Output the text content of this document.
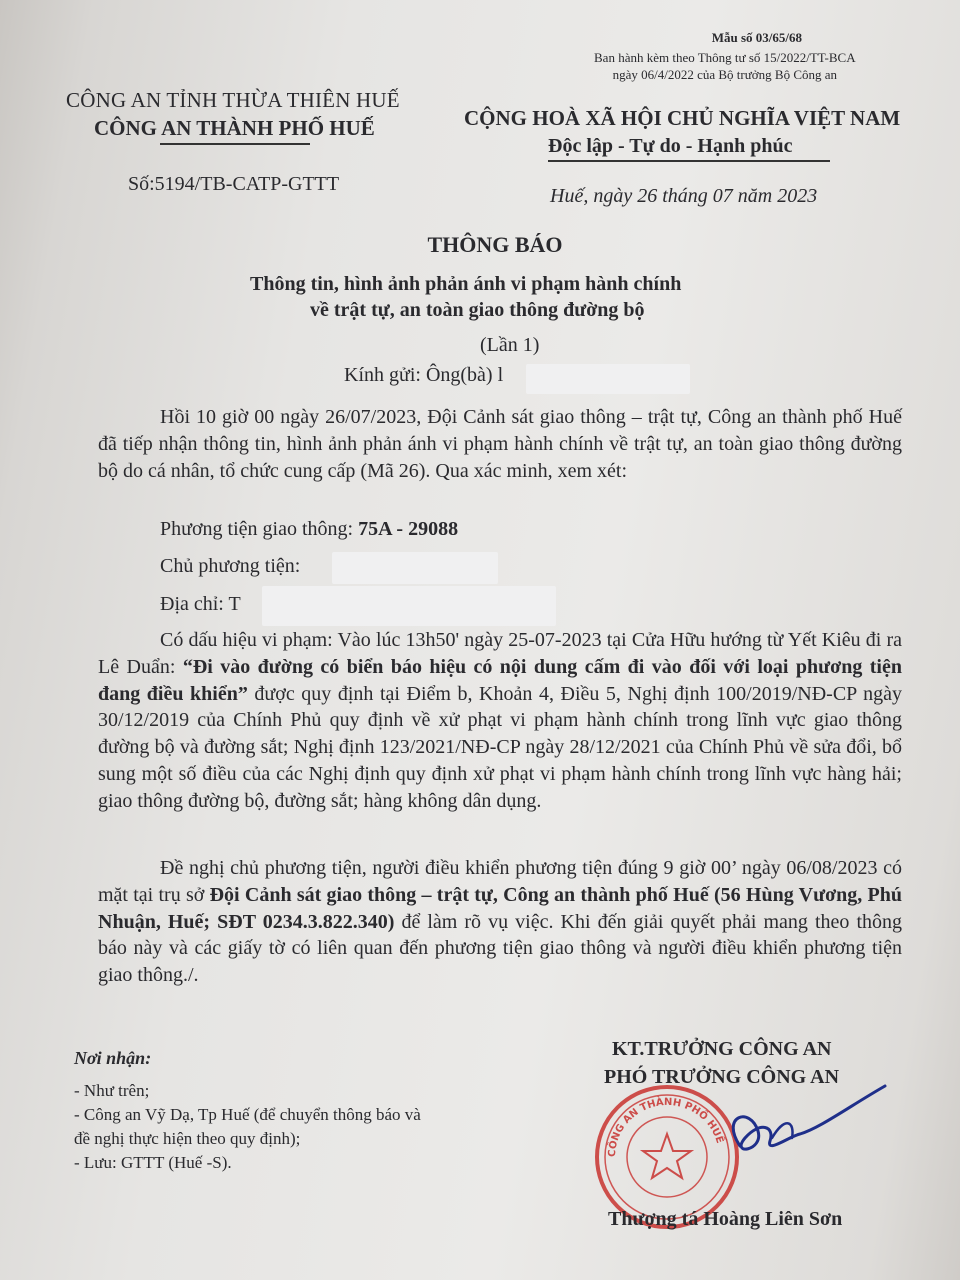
Mẫu số 03/65/68
Ban hành kèm theo Thông tư số 15/2022/TT-BCA
ngày 06/4/2022 của Bộ trưởng Bộ Công an
CÔNG AN TỈNH THỪA THIÊN HUẾ
CÔNG AN THÀNH PHỐ HUẾ
Số:5194/TB-CATP-GTTT
CỘNG HOÀ XÃ HỘI CHỦ NGHĨA VIỆT NAM
Độc lập - Tự do - Hạnh phúc
Huế, ngày 26 tháng 07 năm 2023
THÔNG BÁO
Thông tin, hình ảnh phản ánh vi phạm hành chính
về trật tự, an toàn giao thông đường bộ
(Lần 1)
Kính gửi: Ông(bà) l
Hồi 10 giờ 00 ngày 26/07/2023, Đội Cảnh sát giao thông – trật tự, Công an thành phố Huế đã tiếp nhận thông tin, hình ảnh phản ánh vi phạm hành chính về trật tự, an toàn giao thông đường bộ do cá nhân, tổ chức cung cấp (Mã 26). Qua xác minh, xem xét:
Phương tiện giao thông: 75A - 29088
Chủ phương tiện:
Địa chỉ: T
Có dấu hiệu vi phạm: Vào lúc 13h50' ngày 25-07-2023 tại Cửa Hữu hướng từ Yết Kiêu đi ra Lê Duẩn: “Đi vào đường có biển báo hiệu có nội dung cấm đi vào đối với loại phương tiện đang điều khiển” được quy định tại Điểm b, Khoản 4, Điều 5, Nghị định 100/2019/NĐ-CP ngày 30/12/2019 của Chính Phủ quy định về xử phạt vi phạm hành chính trong lĩnh vực giao thông đường bộ và đường sắt; Nghị định 123/2021/NĐ-CP ngày 28/12/2021 của Chính Phủ về sửa đổi, bổ sung một số điều của các Nghị định quy định xử phạt vi phạm hành chính trong lĩnh vực hàng hải; giao thông đường bộ, đường sắt; hàng không dân dụng.
Đề nghị chủ phương tiện, người điều khiển phương tiện đúng 9 giờ 00’ ngày 06/08/2023 có mặt tại trụ sở Đội Cảnh sát giao thông – trật tự, Công an thành phố Huế (56 Hùng Vương, Phú Nhuận, Huế; SĐT 0234.3.822.340) để làm rõ vụ việc. Khi đến giải quyết phải mang theo thông báo này và các giấy tờ có liên quan đến phương tiện giao thông và người điều khiển phương tiện giao thông./.
Nơi nhận:
- Như trên;
- Công an Vỹ Dạ, Tp Huế (để chuyển thông báo và
đề nghị thực hiện theo quy định);
- Lưu: GTTT (Huế -S).
KT.TRƯỞNG CÔNG AN
PHÓ TRƯỞNG CÔNG AN
CÔNG AN THÀNH PHỐ HUẾ
Thượng tá Hoàng Liên Sơn
